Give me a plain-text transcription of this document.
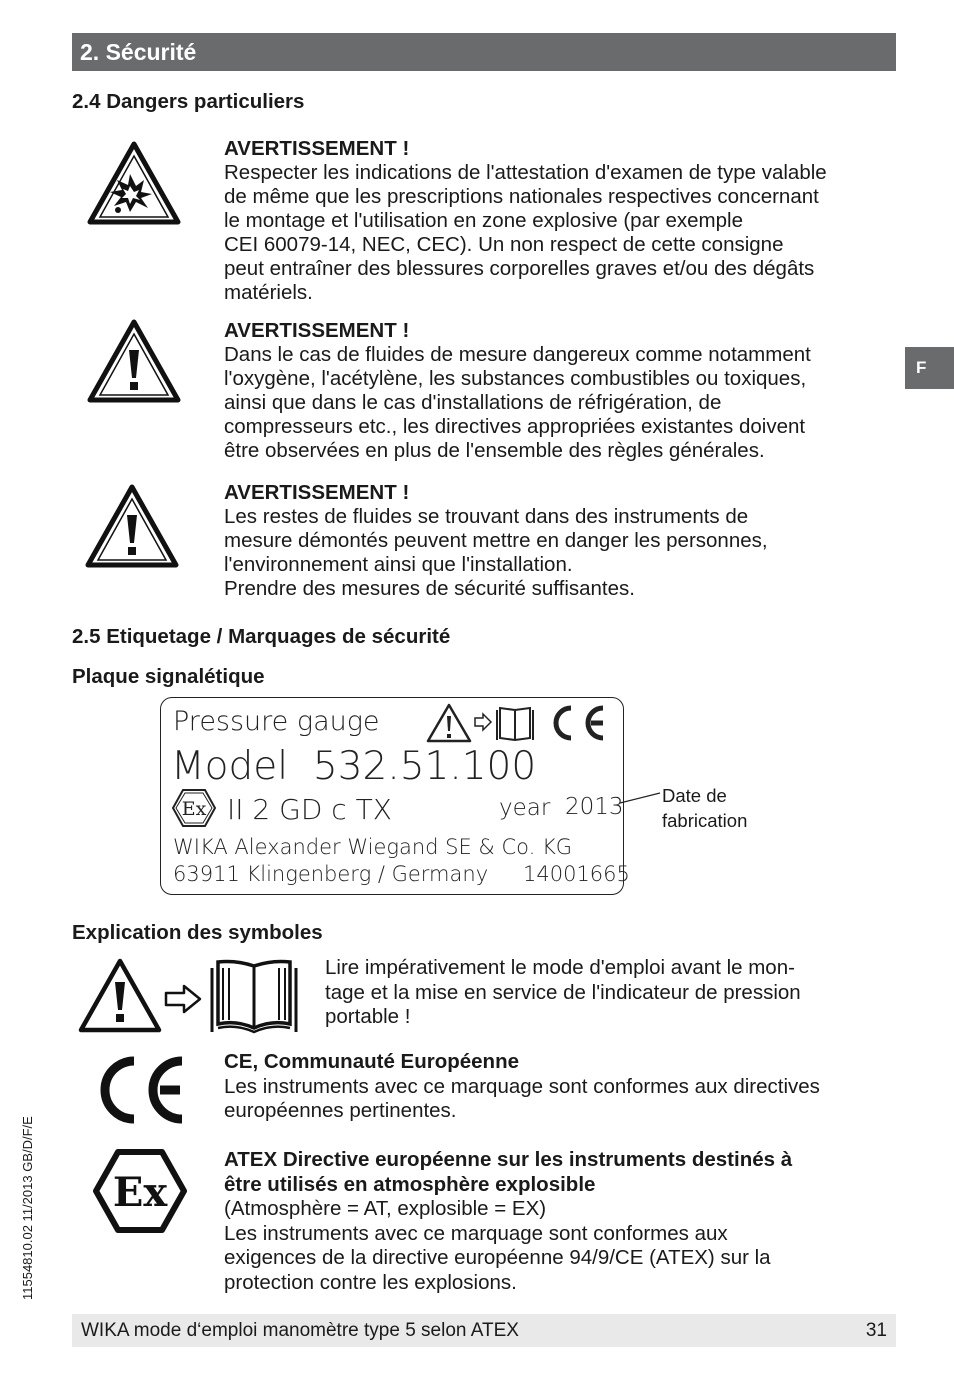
2. Sécurité
F
2.4 Dangers particuliers
AVERTISSEMENT !
Respecter les indications de l'attestation d'examen de type valable
de même que les prescriptions nationales respectives concernant
le montage et l'utilisation en zone explosive (par exemple
CEI 60079-14, NEC, CEC). Un non respect de cette consigne
peut entraîner des blessures corporelles graves et/ou des dégâts
matériels.
AVERTISSEMENT !
Dans le cas de fluides de mesure dangereux comme notamment
l'oxygène, l'acétylène, les substances combustibles ou toxiques,
ainsi que dans le cas d'installations de réfrigération, de
compresseurs etc., les directives appropriées existantes doivent
être observées en plus de l'ensemble des règles générales.
AVERTISSEMENT !
Les restes de fluides se trouvant dans des instruments de
mesure démontés peuvent mettre en danger les personnes,
l'environnement ainsi que l'installation.
Prendre des mesures de sécurité suffisantes.
2.5 Etiquetage / Marquages de sécurité
Plaque signalétique
Pressure gauge
Model  532.51.100
Ex II 2 GD c TX	year 2013
WIKA Alexander Wiegand SE & Co. KG
63911 Klingenberg / Germany 14001665
Date de
fabrication
Explication des symboles
Lire impérativement le mode d'emploi avant le mon-
tage et la mise en service de l'indicateur de pression
portable !
CE, Communauté Européenne
Les instruments avec ce marquage sont conformes aux directives
européennes pertinentes.
Ex
ATEX Directive européenne sur les instruments destinés à
être utilisés en atmosphère explosible
(Atmosphère = AT, explosible = EX)
Les instruments avec ce marquage sont conformes aux
exigences de la directive européenne 94/9/CE (ATEX) sur la
protection contre les explosions.
11554810.02 11/2013 GB/D/F/E
WIKA mode d‘emploi manomètre type 5 selon ATEX	31
